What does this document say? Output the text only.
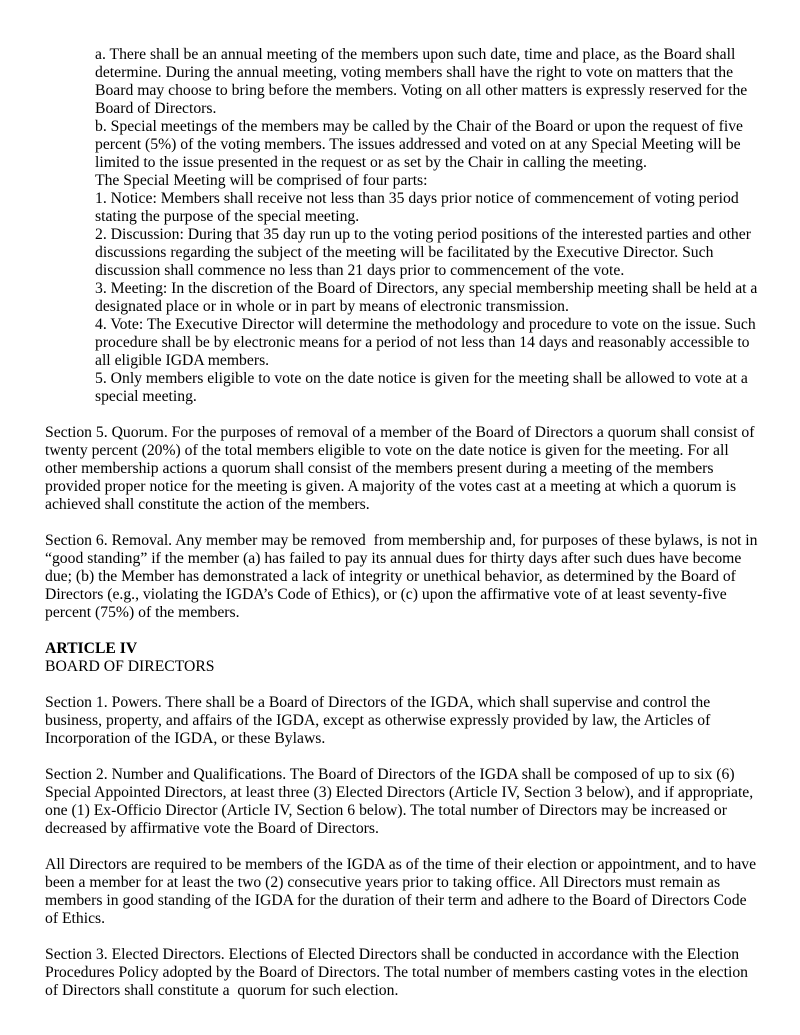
a. There shall be an annual meeting of the members upon such date, time and place, as the Board shall determine. During the annual meeting, voting members shall have the right to vote on matters that the Board may choose to bring before the members. Voting on all other matters is expressly reserved for the Board of Directors.

b. Special meetings of the members may be called by the Chair of the Board or upon the request of five percent (5%) of the voting members. The issues addressed and voted on at any Special Meeting will be limited to the issue presented in the request or as set by the Chair in calling the meeting.

The Special Meeting will be comprised of four parts:

1. Notice: Members shall receive not less than 35 days prior notice of commencement of voting period stating the purpose of the special meeting.

2. Discussion: During that 35 day run up to the voting period positions of the interested parties and other discussions regarding the subject of the meeting will be facilitated by the Executive Director. Such discussion shall commence no less than 21 days prior to commencement of the vote.

3. Meeting: In the discretion of the Board of Directors, any special membership meeting shall be held at a designated place or in whole or in part by means of electronic transmission.

4. Vote: The Executive Director will determine the methodology and procedure to vote on the issue. Such procedure shall be by electronic means for a period of not less than 14 days and reasonably accessible to all eligible IGDA members.

5. Only members eligible to vote on the date notice is given for the meeting shall be allowed to vote at a special meeting.

Section 5. Quorum. For the purposes of removal of a member of the Board of Directors a quorum shall consist of twenty percent (20%) of the total members eligible to vote on the date notice is given for the meeting. For all other membership actions a quorum shall consist of the members present during a meeting of the members provided proper notice for the meeting is given. A majority of the votes cast at a meeting at which a quorum is achieved shall constitute the action of the members.

Section 6. Removal. Any member may be removed  from membership and, for purposes of these bylaws, is not in “good standing” if the member (a) has failed to pay its annual dues for thirty days after such dues have become due; (b) the Member has demonstrated a lack of integrity or unethical behavior, as determined by the Board of Directors (e.g., violating the IGDA’s Code of Ethics), or (c) upon the affirmative vote of at least seventy-five percent (75%) of the members.

ARTICLE IV
BOARD OF DIRECTORS

Section 1. Powers. There shall be a Board of Directors of the IGDA, which shall supervise and control the business, property, and affairs of the IGDA, except as otherwise expressly provided by law, the Articles of Incorporation of the IGDA, or these Bylaws.

Section 2. Number and Qualifications. The Board of Directors of the IGDA shall be composed of up to six (6) Special Appointed Directors, at least three (3) Elected Directors (Article IV, Section 3 below), and if appropriate, one (1) Ex-Officio Director (Article IV, Section 6 below). The total number of Directors may be increased or decreased by affirmative vote the Board of Directors.

All Directors are required to be members of the IGDA as of the time of their election or appointment, and to have been a member for at least the two (2) consecutive years prior to taking office. All Directors must remain as members in good standing of the IGDA for the duration of their term and adhere to the Board of Directors Code of Ethics.

Section 3. Elected Directors. Elections of Elected Directors shall be conducted in accordance with the Election Procedures Policy adopted by the Board of Directors. The total number of members casting votes in the election of Directors shall constitute a  quorum for such election.
